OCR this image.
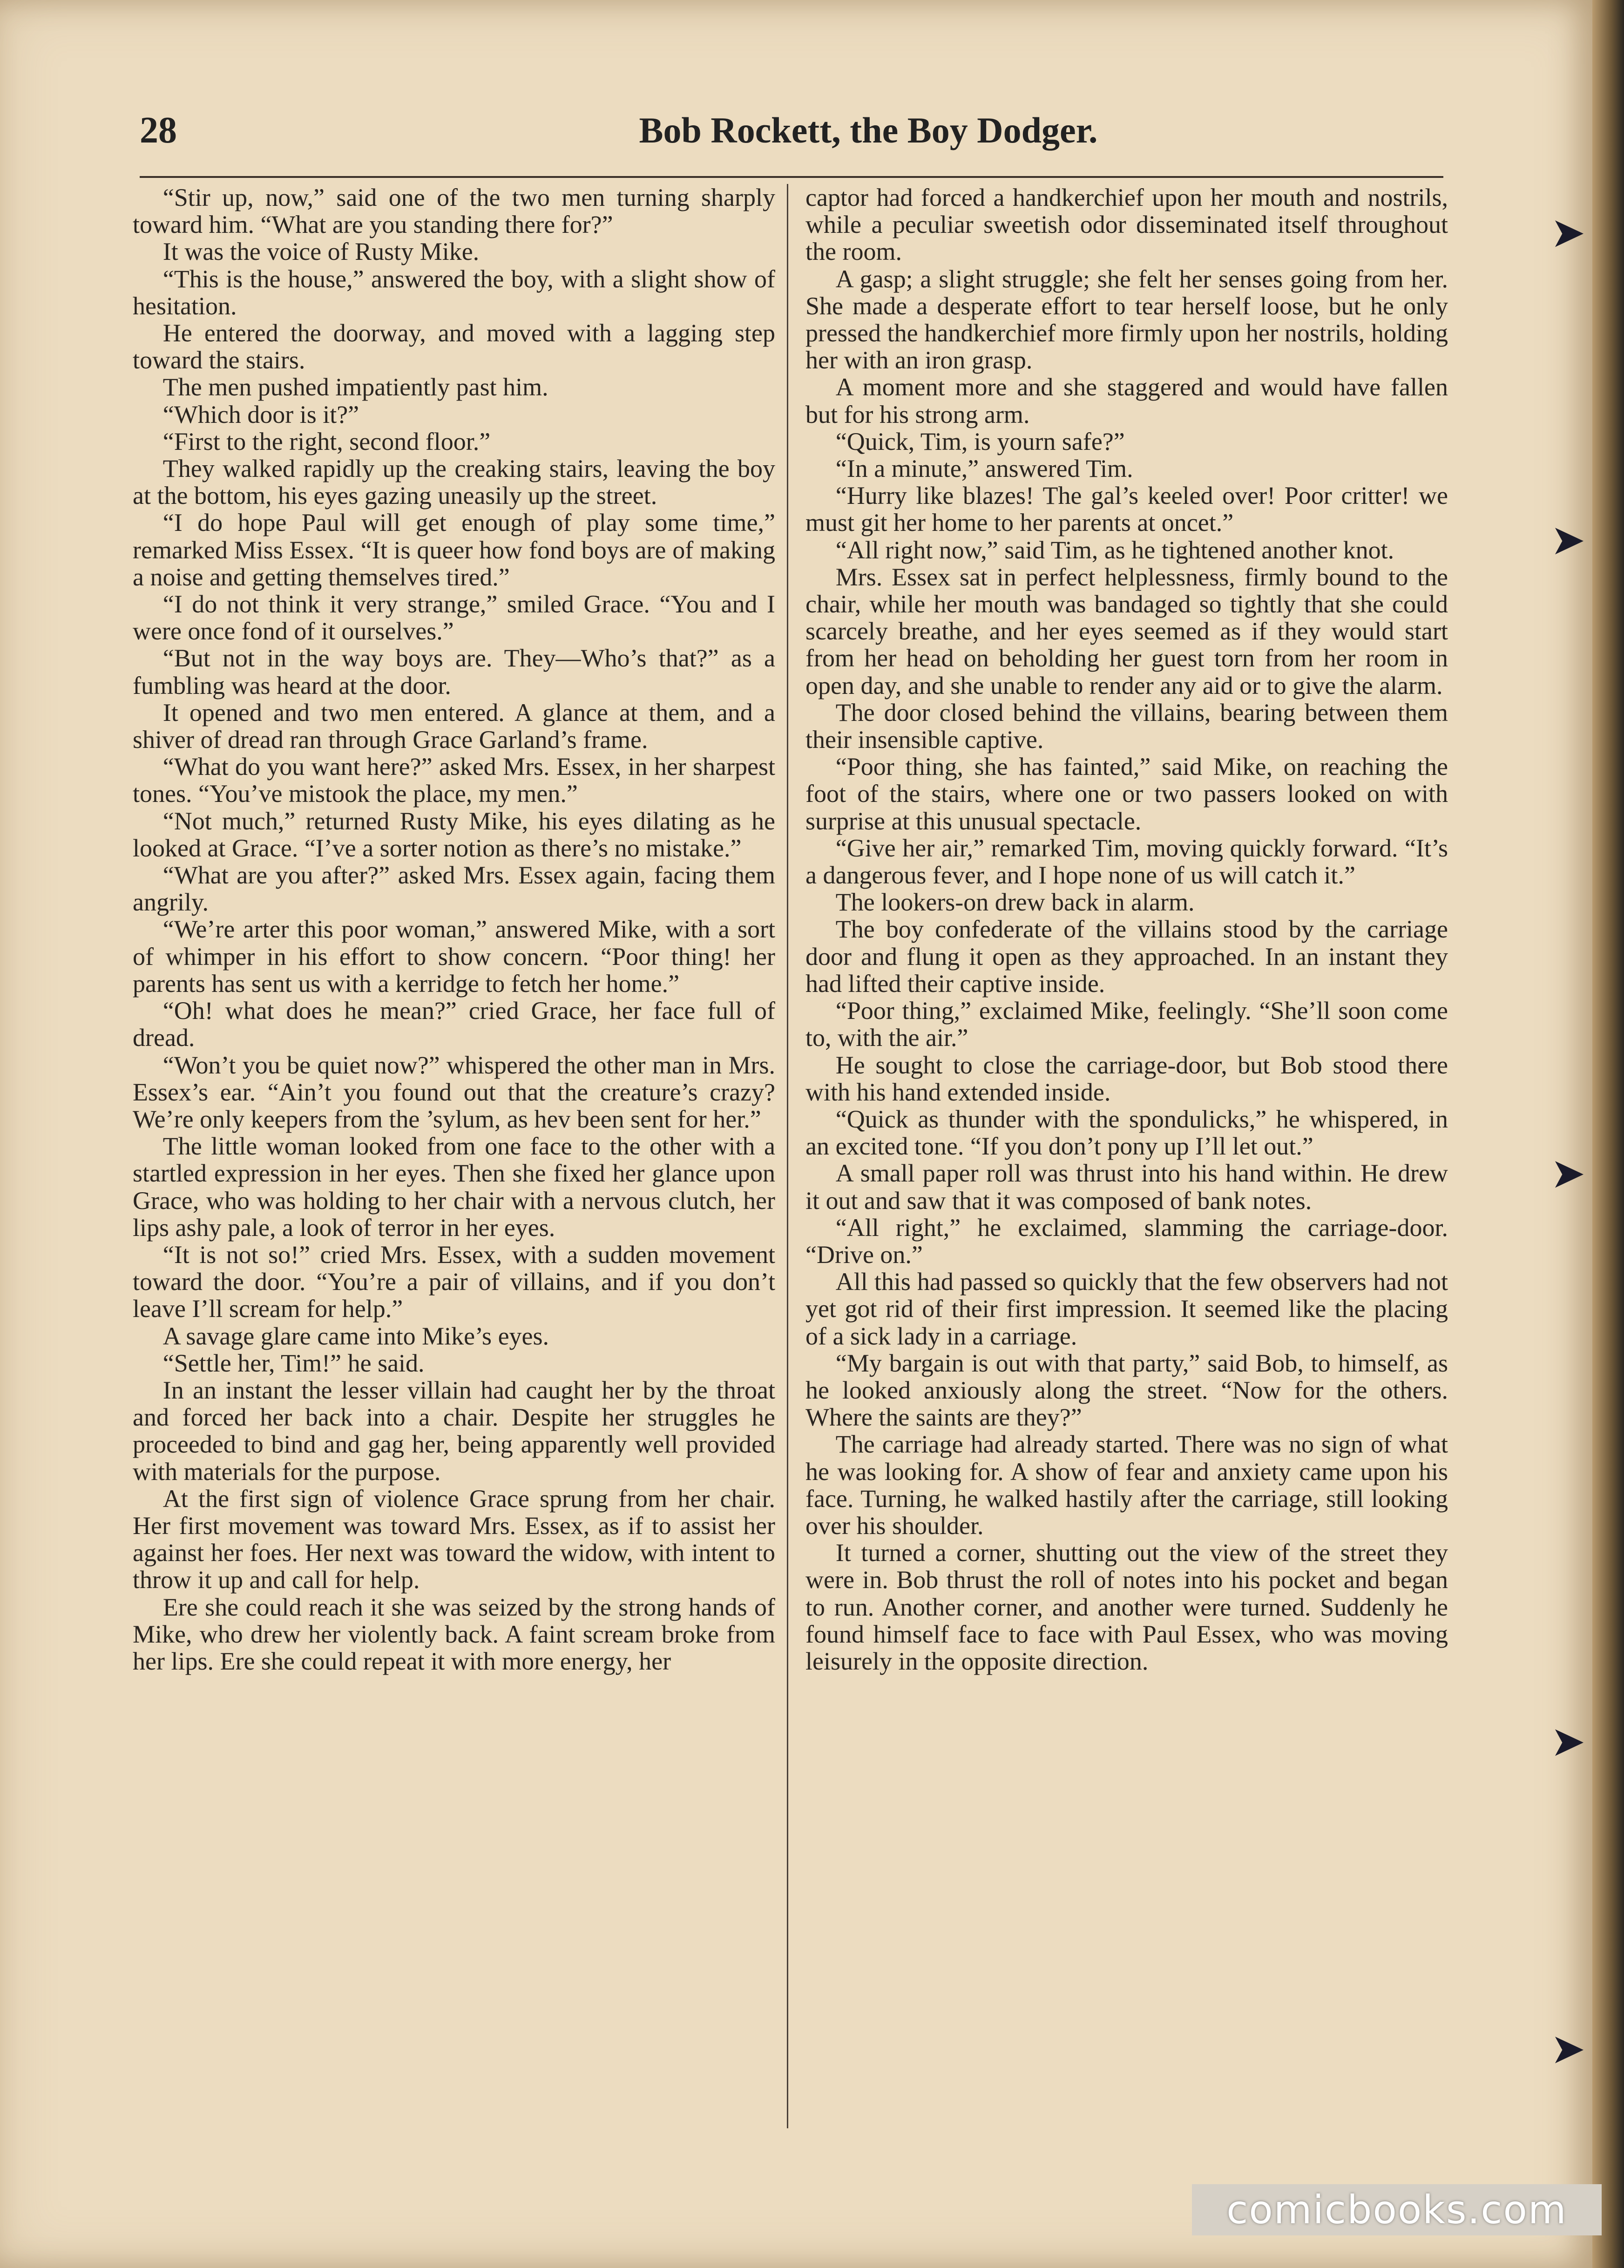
28	Bob Rockett, the Boy Dodger.

“Stir up, now,” said one of the two men turning sharply toward him. “What are you standing there for?”

It was the voice of Rusty Mike.

“This is the house,” answered the boy, with a slight show of hesitation.

He entered the doorway, and moved with a lagging step toward the stairs.

The men pushed impatiently past him.

“Which door is it?”

“First to the right, second floor.”

They walked rapidly up the creaking stairs, leaving the boy at the bottom, his eyes gazing uneasily up the street.

“I do hope Paul will get enough of play some time,” remarked Miss Essex. “It is queer how fond boys are of making a noise and getting themselves tired.”

“I do not think it very strange,” smiled Grace. “You and I were once fond of it ourselves.”

“But not in the way boys are. They—Who’s that?” as a fumbling was heard at the door.

It opened and two men entered. A glance at them, and a shiver of dread ran through Grace Garland’s frame.

“What do you want here?” asked Mrs. Essex, in her sharpest tones. “You’ve mistook the place, my men.”

“Not much,” returned Rusty Mike, his eyes dilating as he looked at Grace. “I’ve a sorter notion as there’s no mistake.”

“What are you after?” asked Mrs. Essex again, facing them angrily.

“We’re arter this poor woman,” answered Mike, with a sort of whimper in his effort to show concern. “Poor thing! her parents has sent us with a kerridge to fetch her home.”

“Oh! what does he mean?” cried Grace, her face full of dread.

“Won’t you be quiet now?” whispered the other man in Mrs. Essex’s ear. “Ain’t you found out that the creature’s crazy? We’re only keepers from the ’sylum, as hev been sent for her.”

The little woman looked from one face to the other with a startled expression in her eyes. Then she fixed her glance upon Grace, who was holding to her chair with a nervous clutch, her lips ashy pale, a look of terror in her eyes.

“It is not so!” cried Mrs. Essex, with a sudden movement toward the door. “You’re a pair of villains, and if you don’t leave I’ll scream for help.”

A savage glare came into Mike’s eyes.

“Settle her, Tim!” he said.

In an instant the lesser villain had caught her by the throat and forced her back into a chair. Despite her struggles he proceeded to bind and gag her, being apparently well provided with materials for the purpose.

At the first sign of violence Grace sprung from her chair. Her first movement was toward Mrs. Essex, as if to assist her against her foes. Her next was toward the widow, with intent to throw it up and call for help.

Ere she could reach it she was seized by the strong hands of Mike, who drew her violently back. A faint scream broke from her lips. Ere she could repeat it with more energy, her

captor had forced a handkerchief upon her mouth and nostrils, while a peculiar sweetish odor disseminated itself throughout the room.

A gasp; a slight struggle; she felt her senses going from her. She made a desperate effort to tear herself loose, but he only pressed the handkerchief more firmly upon her nostrils, holding her with an iron grasp.

A moment more and she staggered and would have fallen but for his strong arm.

“Quick, Tim, is yourn safe?”

“In a minute,” answered Tim.

“Hurry like blazes! The gal’s keeled over! Poor critter! we must git her home to her parents at oncet.”

“All right now,” said Tim, as he tightened another knot.

Mrs. Essex sat in perfect helplessness, firmly bound to the chair, while her mouth was bandaged so tightly that she could scarcely breathe, and her eyes seemed as if they would start from her head on beholding her guest torn from her room in open day, and she unable to render any aid or to give the alarm.

The door closed behind the villains, bearing between them their insensible captive.

“Poor thing, she has fainted,” said Mike, on reaching the foot of the stairs, where one or two passers looked on with surprise at this unusual spectacle.

“Give her air,” remarked Tim, moving quickly forward. “It’s a dangerous fever, and I hope none of us will catch it.”

The lookers-on drew back in alarm.

The boy confederate of the villains stood by the carriage door and flung it open as they approached. In an instant they had lifted their captive inside.

“Poor thing,” exclaimed Mike, feelingly. “She’ll soon come to, with the air.”

He sought to close the carriage-door, but Bob stood there with his hand extended inside.

“Quick as thunder with the spondulicks,” he whispered, in an excited tone. “If you don’t pony up I’ll let out.”

A small paper roll was thrust into his hand within. He drew it out and saw that it was composed of bank notes.

“All right,” he exclaimed, slamming the carriage-door. “Drive on.”

All this had passed so quickly that the few observers had not yet got rid of their first impression. It seemed like the placing of a sick lady in a carriage.

“My bargain is out with that party,” said Bob, to himself, as he looked anxiously along the street. “Now for the others. Where the saints are they?”

The carriage had already started. There was no sign of what he was looking for. A show of fear and anxiety came upon his face. Turning, he walked hastily after the carriage, still looking over his shoulder.

It turned a corner, shutting out the view of the street they were in. Bob thrust the roll of notes into his pocket and began to run. Another corner, and another were turned. Suddenly he found himself face to face with Paul Essex, who was moving leisurely in the opposite direction.

➤
➤
➤
➤
➤
comicbooks.com
